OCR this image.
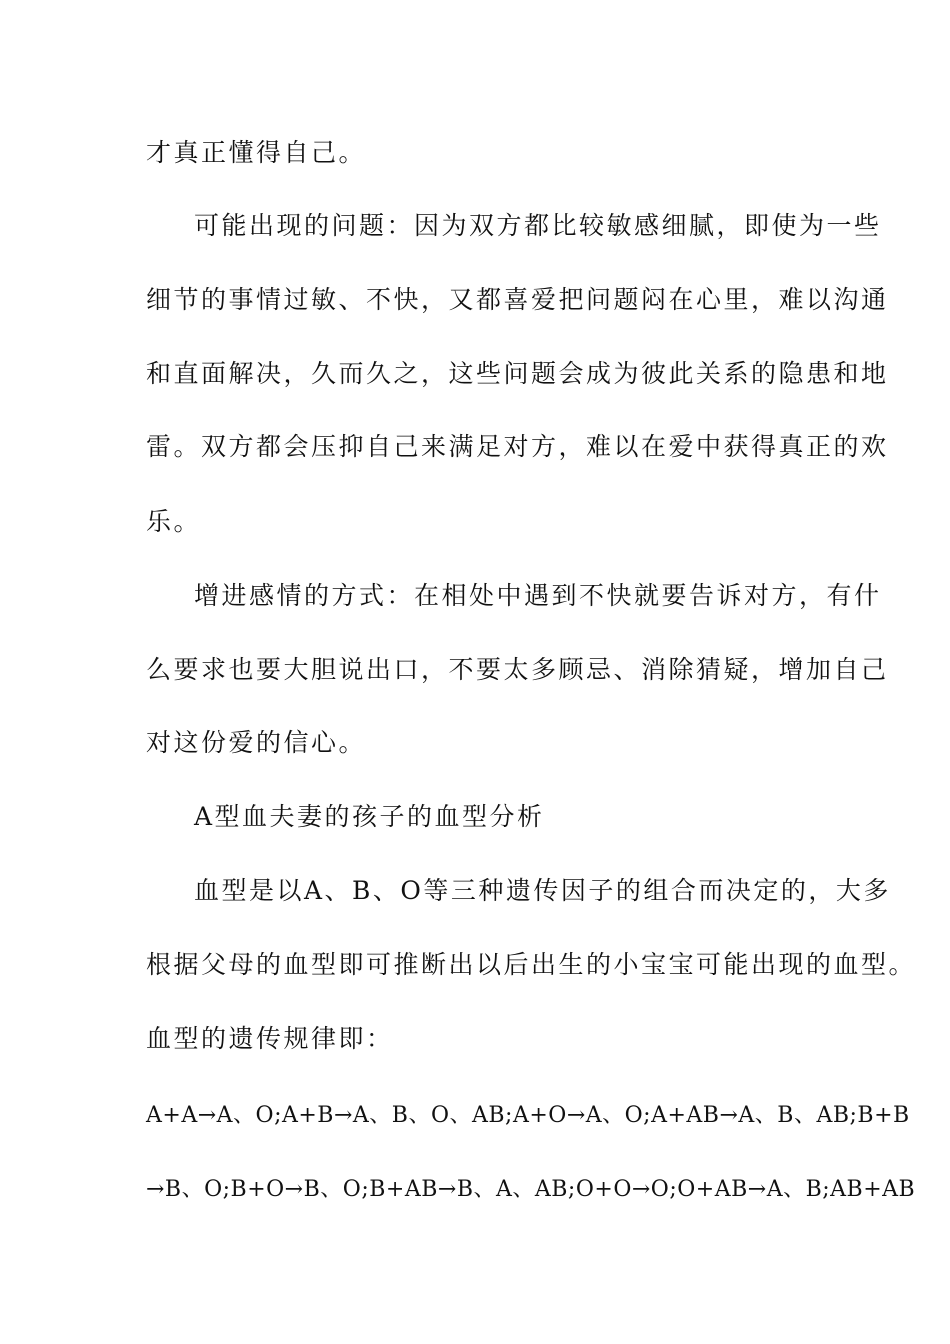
才真正懂得自己。
可能出现的问题：因为双方都比较敏感细腻，即使为一些
细节的事情过敏、不快，又都喜爱把问题闷在心里，难以沟通
和直面解决，久而久之，这些问题会成为彼此关系的隐患和地
雷。双方都会压抑自己来满足对方，难以在爱中获得真正的欢
乐。
增进感情的方式：在相处中遇到不快就要告诉对方，有什
么要求也要大胆说出口，不要太多顾忌、消除猜疑，增加自己
对这份爱的信心。
A型血夫妻的孩子的血型分析
血型是以A、B、O等三种遗传因子的组合而决定的，大多
根据父母的血型即可推断出以后出生的小宝宝可能出现的血型。
血型的遗传规律即：
A+A→A、O;A+B→A、B、O、AB;A+O→A、O;A+AB→A、B、AB;B+B
→B、O;B+O→B、O;B+AB→B、A、AB;O+O→O;O+AB→A、B;AB+AB
